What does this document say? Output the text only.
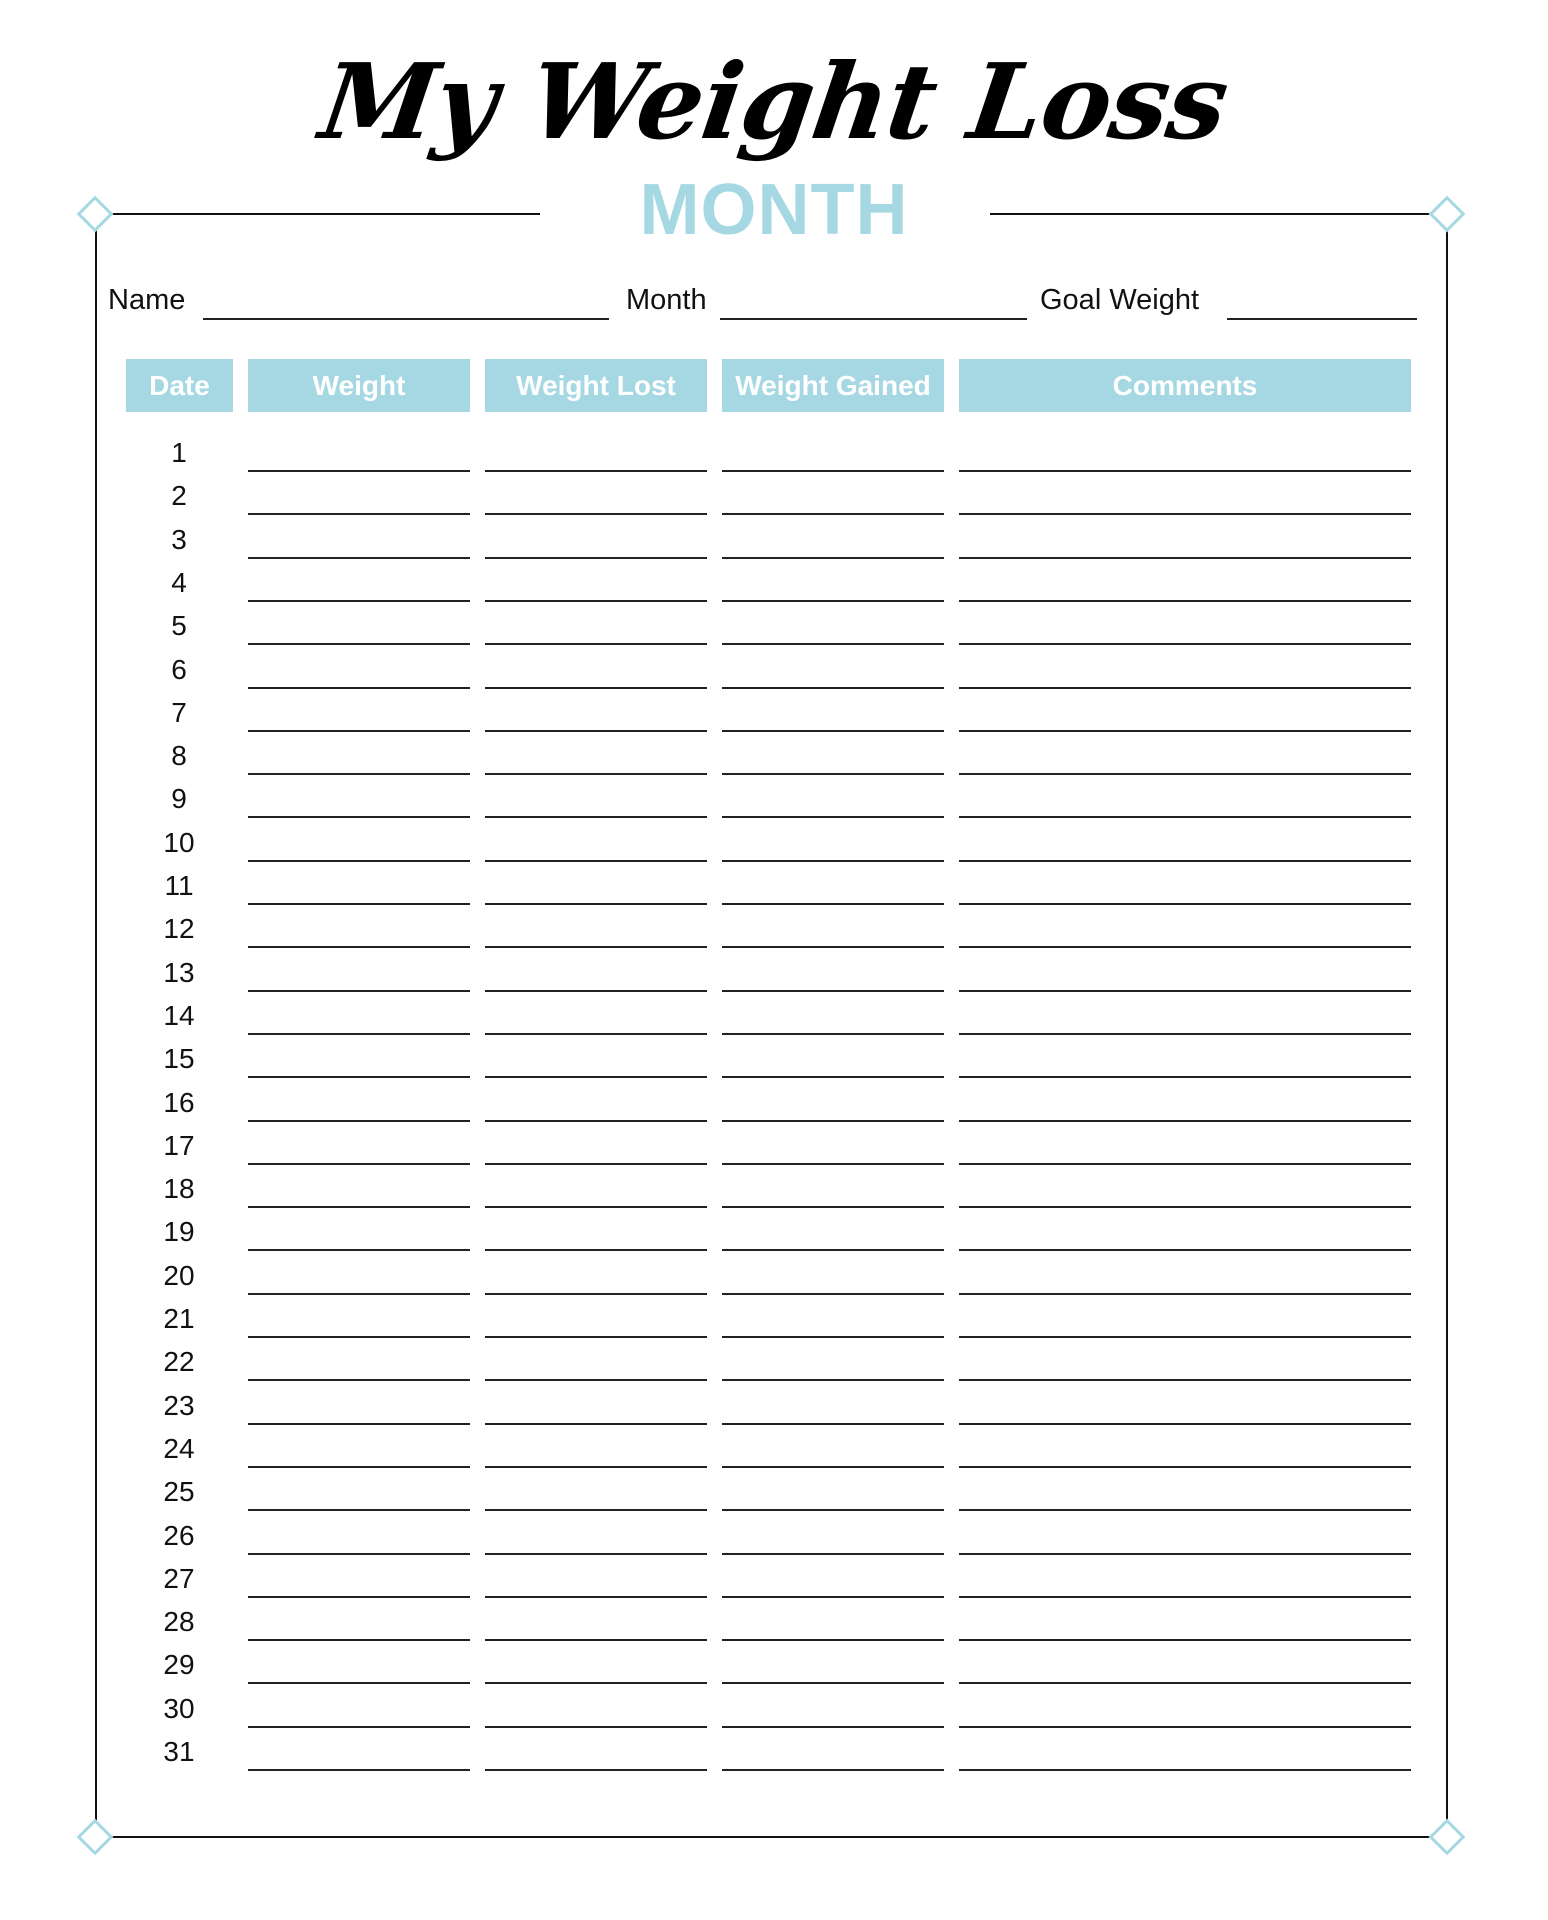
My Weight Loss
MONTH
Name	Month	Goal Weight
Date	Weight	Weight Lost	Weight Gained	Comments
1
2
3
4
5
6
7
8
9
10
11
12
13
14
15
16
17
18
19
20
21
22
23
24
25
26
27
28
29
30
31
